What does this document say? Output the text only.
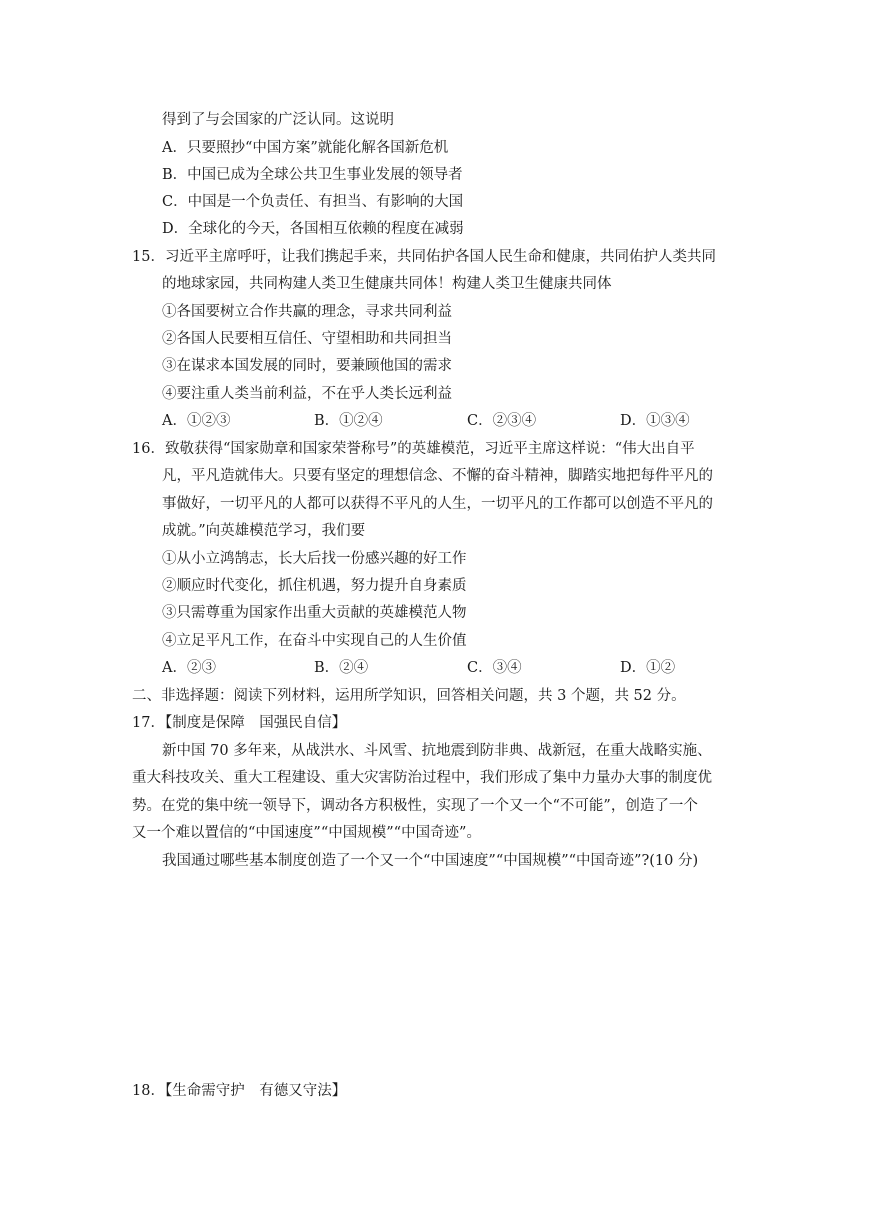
得到了与会国家的广泛认同。这说明
A．只要照抄“中国方案”就能化解各国新危机
B．中国已成为全球公共卫生事业发展的领导者
C．中国是一个负责任、有担当、有影响的大国
D．全球化的今天，各国相互依赖的程度在减弱
15．习近平主席呼吁，让我们携起手来，共同佑护各国人民生命和健康，共同佑护人类共同
的地球家园，共同构建人类卫生健康共同体！构建人类卫生健康共同体
①各国要树立合作共赢的理念，寻求共同利益
②各国人民要相互信任、守望相助和共同担当
③在谋求本国发展的同时，要兼顾他国的需求
④要注重人类当前利益，不在乎人类长远利益
A．①②③	B．①②④	C．②③④	D．①③④
16．致敬获得“国家勋章和国家荣誉称号”的英雄模范，习近平主席这样说：“伟大出自平
凡，平凡造就伟大。只要有坚定的理想信念、不懈的奋斗精神，脚踏实地把每件平凡的
事做好，一切平凡的人都可以获得不平凡的人生，一切平凡的工作都可以创造不平凡的
成就。”向英雄模范学习，我们要
①从小立鸿鹄志，长大后找一份感兴趣的好工作
②顺应时代变化，抓住机遇，努力提升自身素质
③只需尊重为国家作出重大贡献的英雄模范人物
④立足平凡工作，在奋斗中实现自己的人生价值
A．②③	B．②④	C．③④	D．①②
二、非选择题：阅读下列材料，运用所学知识，回答相关问题，共 3 个题，共 52 分。
17．【制度是保障　国强民自信】
新中国 70 多年来，从战洪水、斗风雪、抗地震到防非典、战新冠，在重大战略实施、
重大科技攻关、重大工程建设、重大灾害防治过程中，我们形成了集中力量办大事的制度优
势。在党的集中统一领导下，调动各方积极性，实现了一个又一个“不可能”，创造了一个
又一个难以置信的“中国速度”“中国规模”“中国奇迹”。
我国通过哪些基本制度创造了一个又一个“中国速度”“中国规模”“中国奇迹”?(10 分)
18．【生命需守护　有德又守法】
